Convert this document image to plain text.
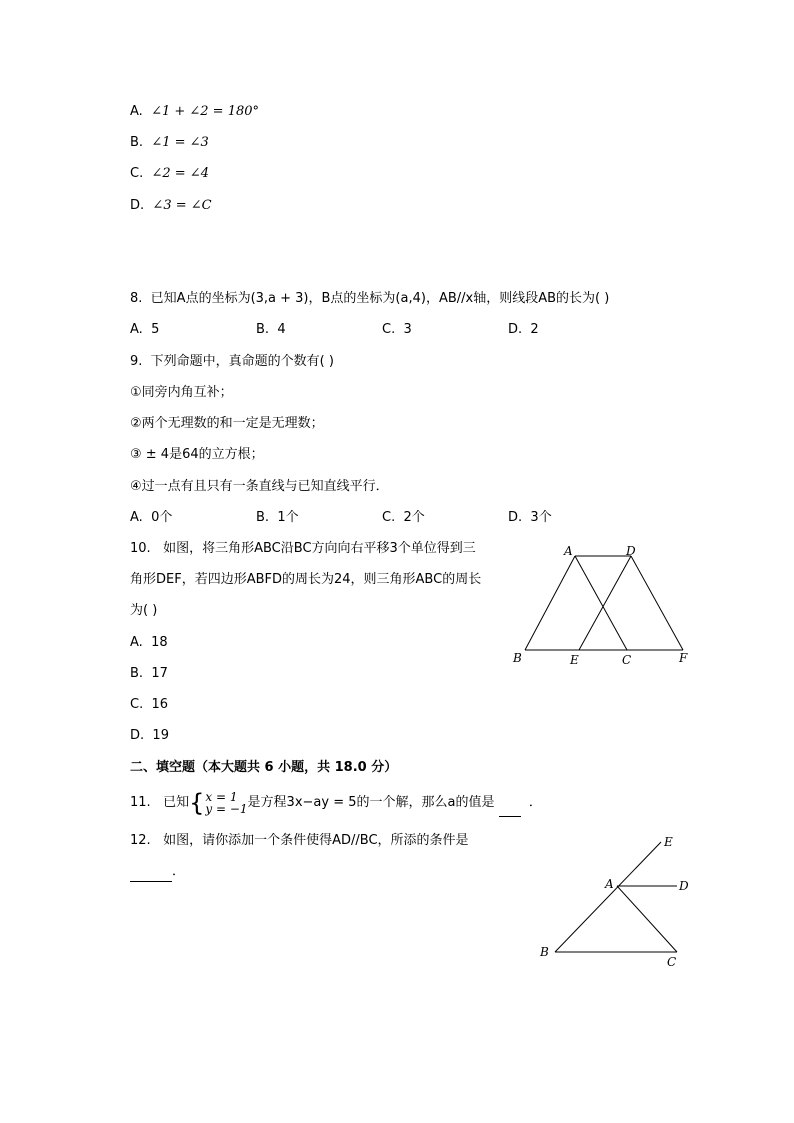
A. ∠1 + ∠2 = 180°
B. ∠1 = ∠3
C. ∠2 = ∠4
D. ∠3 = ∠C
8. 已知A点的坐标为(3,a + 3)，B点的坐标为(a,4)，AB//x轴，则线段AB的长为( )
A. 5	B. 4	C. 3	D. 2
9. 下列命题中，真命题的个数有( )
①同旁内角互补；
②两个无理数的和一定是无理数；
③ ± 4是64的立方根；
④过一点有且只有一条直线与已知直线平行．
A. 0个	B. 1个	C. 2个	D. 3个
10. 如图，将三角形ABC沿BC方向向右平移3个单位得到三
角形DEF，若四边形ABFD的周长为24，则三角形ABC的周长
为( )
A. 18
B. 17
C. 16
D. 19
A	D
B	E	C	F
二、填空题（本大题共 6 小题，共 18.0 分）
11. 已知{x = 1
y = −1是方程3x−ay = 5的一个解，那么a的值是	．
12. 如图，请你添加一个条件使得AD//BC，所添的条件是
．
E
A	D
B
C
